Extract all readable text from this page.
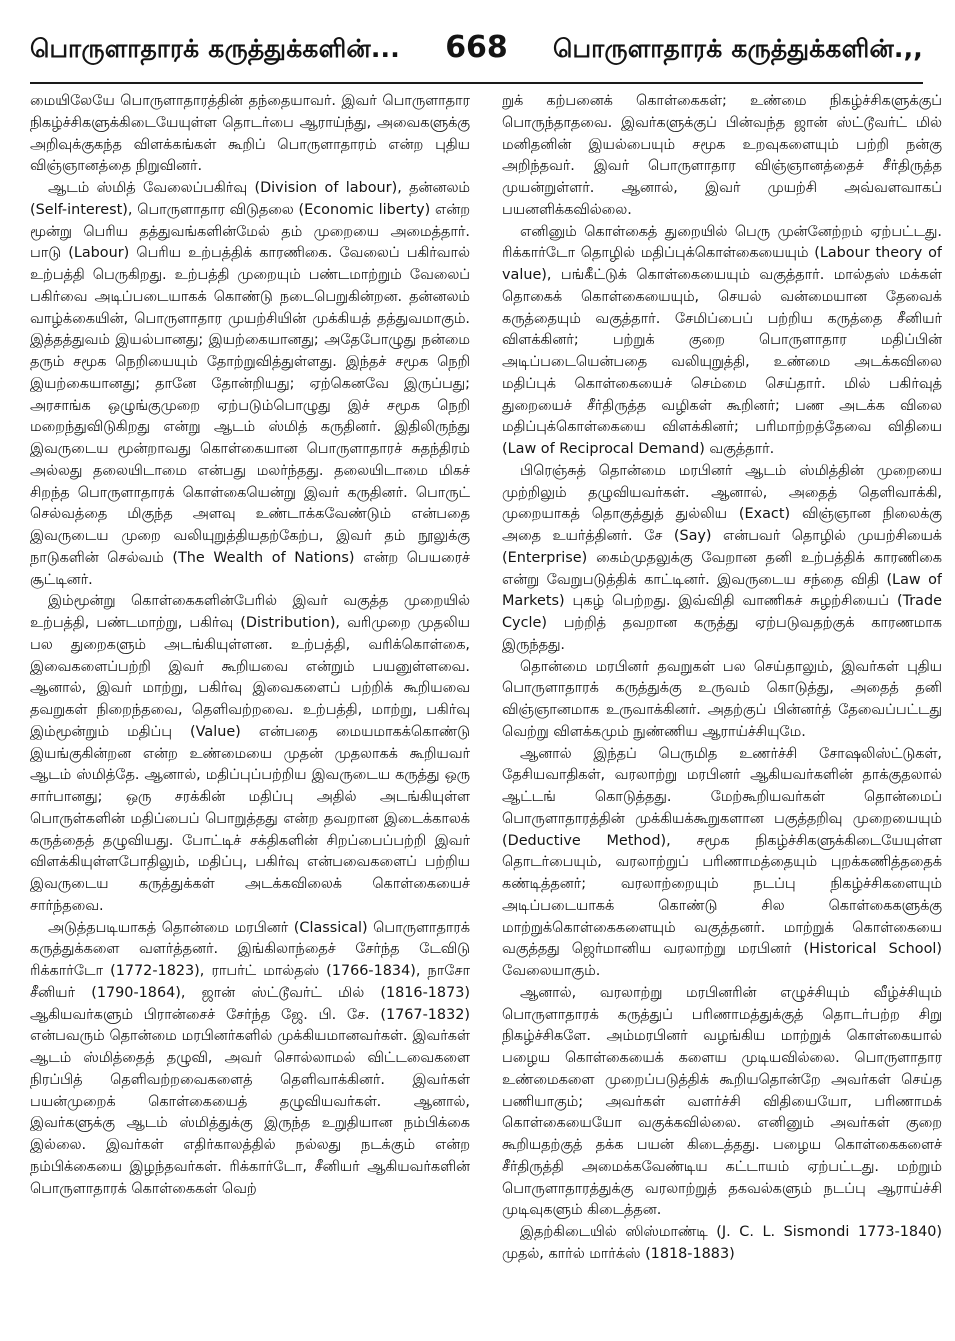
பொருளாதாரக் கருத்துக்களின்...	668	பொருளாதாரக் கருத்துக்களின்.,,

மையிலேயே பொருளாதாரத்தின் தந்தையாவர். இவர் பொருளாதார நிகழ்ச்சிகளுக்கிடையேயுள்ள தொடர்பை ஆராய்ந்து, அவைகளுக்கு அறிவுக்குகந்த விளக்கங்கள் கூறிப் பொருளாதாரம் என்ற புதிய விஞ்ஞானத்தை நிறுவினர்.

ஆடம் ஸ்மித் வேலைப்பகிர்வு (Division of labour), தன்னலம் (Self-interest), பொருளாதார விடுதலை (Economic liberty) என்ற மூன்று பெரிய தத்துவங்களின்மேல் தம் முறையை அமைத்தார். பாடு (Labour) பெரிய உற்பத்திக் காரணிகை. வேலைப் பகிர்வால் உற்பத்தி பெருகிறது. உற்பத்தி முறையும் பண்டமாற்றும் வேலைப் பகிர்வை அடிப்படையாகக் கொண்டு நடைபெறுகின்றன. தன்னலம் வாழ்க்கையின், பொருளாதார முயற்சியின் முக்கியத் தத்துவமாகும். இத்தத்துவம் இயல்பானது; இயற்கையானது; அதேபோழுது நன்மை தரும் சமூக நெறியையும் தோற்றுவித்துள்ளது. இந்தச் சமூக நெறி இயற்கையானது; தானே தோன்றியது; ஏற்கெனவே இருப்பது; அரசாங்க ஒழுங்குமுறை ஏற்படும்பொழுது இச் சமூக நெறி மறைந்துவிடுகிறது என்று ஆடம் ஸ்மித் கருதினர். இதிலிருந்து இவருடைய மூன்றாவது கொள்கையான பொருளாதாரச் சுதந்திரம் அல்லது தலையிடாமை என்பது மலர்ந்தது. தலையிடாமை மிகச் சிறந்த பொருளாதாரக் கொள்கையென்று இவர் கருதினர். பொருட் செல்வத்தை மிகுந்த அளவு உண்டாக்கவேண்டும் என்பதை இவருடைய முறை வலியுறுத்தியதற்கேற்ப, இவர் தம் நூலுக்கு நாடுகளின் செல்வம் (The Wealth of Nations) என்ற பெயரைச் சூட்டினர்.

இம்மூன்று கொள்கைகளின்பேரில் இவர் வகுத்த முறையில் உற்பத்தி, பண்டமாற்று, பகிர்வு (Distribution), வரிமுறை முதலிய பல துறைகளும் அடங்கியுள்ளன. உற்பத்தி, வரிக்கொள்கை, இவைகளைப்பற்றி இவர் கூறியவை என்றும் பயனுள்ளவை. ஆனால், இவர் மாற்று, பகிர்வு இவைகளைப் பற்றிக் கூறியவை தவறுகள் நிறைந்தவை, தெளிவற்றவை. உற்பத்தி, மாற்று, பகிர்வு இம்மூன்றும் மதிப்பு (Value) என்பதை மையமாகக்கொண்டு இயங்குகின்றன என்ற உண்மையை முதன் முதலாகக் கூறியவர் ஆடம் ஸ்மித்தே. ஆனால், மதிப்புப்பற்றிய இவருடைய கருத்து ஒரு சார்பானது; ஒரு சரக்கின் மதிப்பு அதில் அடங்கியுள்ள பொருள்களின் மதிப்பைப் பொறுத்தது என்ற தவறான இடைக்காலக் கருத்தைத் தழுவியது. போட்டிச் சக்திகளின் சிறப்பைப்பற்றி இவர் விளக்கியுள்ளபோதிலும், மதிப்பு, பகிர்வு என்பவைகளைப் பற்றிய இவருடைய கருத்துக்கள் அடக்கவிலைக் கொள்கையைச் சார்ந்தவை.

அடுத்தபடியாகத் தொன்மை மரபினர் (Classical) பொருளாதாரக் கருத்துக்களை வளர்த்தனர். இங்கிலாந்தைச் சேர்ந்த டேவிடு ரிக்கார்டோ (1772-1823), ராபர்ட் மால்தஸ் (1766-1834), நாசோ சீனியர் (1790-1864), ஜான் ஸ்ட்டூவர்ட் மில் (1816-1873) ஆகியவர்களும் பிரான்சைச் சேர்ந்த ஜே. பி. சே. (1767-1832) என்பவரும் தொன்மை மரபினர்களில் முக்கியமானவர்கள். இவர்கள் ஆடம் ஸ்மித்தைத் தழுவி, அவர் சொல்லாமல் விட்டவைகளை நிரப்பித் தெளிவற்றவைகளைத் தெளிவாக்கினர். இவர்கள் பயன்முறைக் கொள்கையைத் தழுவியவர்கள். ஆனால், இவர்களுக்கு ஆடம் ஸ்மித்துக்கு இருந்த உறுதியான நம்பிக்கை இல்லை. இவர்கள் எதிர்காலத்தில் நல்லது நடக்கும் என்ற நம்பிக்கையை இழந்தவர்கள். ரிக்கார்டோ, சீனியர் ஆகியவர்களின் பொருளாதாரக் கொள்கைகள் வெற்

றுக் கற்பனைக் கொள்கைகள்; உண்மை நிகழ்ச்சிகளுக்குப் பொருந்தாதவை. இவர்களுக்குப் பின்வந்த ஜான் ஸ்ட்டூவர்ட் மில் மனிதனின் இயல்பையும் சமூக உறவுகளையும் பற்றி நன்கு அறிந்தவர். இவர் பொருளாதார விஞ்ஞானத்தைச் சீர்திருத்த முயன்றுள்ளர். ஆனால், இவர் முயற்சி அவ்வளவாகப் பயனளிக்கவில்லை.

எனினும் கொள்கைத் துறையில் பெரு முன்னேற்றம் ஏற்பட்டது. ரிக்கார்டோ தொழில் மதிப்புக்கொள்கையையும் (Labour theory of value), பங்கீட்டுக் கொள்கையையும் வகுத்தார். மால்தஸ் மக்கள் தொகைக் கொள்கையையும், செயல் வன்மையான தேவைக் கருத்தையும் வகுத்தார். சேமிப்பைப் பற்றிய கருத்தை சீனியர் விளக்கினர்; பற்றுக் குறை பொருளாதார மதிப்பின் அடிப்படையென்பதை வலியுறுத்தி, உண்மை அடக்கவிலை மதிப்புக் கொள்கையைச் செம்மை செய்தார். மில் பகிர்வுத் துறையைச் சீர்திருத்த வழிகள் கூறினர்; பண அடக்க விலை மதிப்புக்கொள்கையை விளக்கினர்; பரிமாற்றத்தேவை விதியை (Law of Reciprocal Demand) வகுத்தார்.

பிரெஞ்சுத் தொன்மை மரபினர் ஆடம் ஸ்மித்தின் முறையை முற்றிலும் தழுவியவர்கள். ஆனால், அதைத் தெளிவாக்கி, முறையாகத் தொகுத்துத் துல்லிய (Exact) விஞ்ஞான நிலைக்கு அதை உயர்த்தினர். சே (Say) என்பவர் தொழில் முயற்சியைக் (Enterprise) கைம்முதலுக்கு வேறான தனி உற்பத்திக் காரணிகை என்று வேறுபடுத்திக் காட்டினர். இவருடைய சந்தை விதி (Law of Markets) புகழ் பெற்றது. இவ்விதி வாணிகச் சுழற்சியைப் (Trade Cycle) பற்றித் தவறான கருத்து ஏற்படுவதற்குக் காரணமாக இருந்தது.

தொன்மை மரபினர் தவறுகள் பல செய்தாலும், இவர்கள் புதிய பொருளாதாரக் கருத்துக்கு உருவம் கொடுத்து, அதைத் தனி விஞ்ஞானமாக உருவாக்கினர். அதற்குப் பின்னர்த் தேவைப்பட்டது வெற்று விளக்கமும் நுண்ணிய ஆராய்ச்சியுமே.

ஆனால் இந்தப் பெருமித உணர்ச்சி சோஷலிஸ்ட்டுகள், தேசியவாதிகள், வரலாற்று மரபினர் ஆகியவர்களின் தாக்குதலால் ஆட்டங் கொடுத்தது. மேற்கூறியவர்கள் தொன்மைப் பொருளாதாரத்தின் முக்கியக்கூறுகளான பகுத்தறிவு முறையையும் (Deductive Method), சமூக நிகழ்ச்சிகளுக்கிடையேயுள்ள தொடர்பையும், வரலாற்றுப் பரிணாமத்தையும் புறக்கணித்ததைக் கண்டித்தனர்; வரலாற்றையும் நடப்பு நிகழ்ச்சிகளையும் அடிப்படையாகக் கொண்டு சில கொள்கைகளுக்கு மாற்றுக்கொள்கைகளையும் வகுத்தனர். மாற்றுக் கொள்கையை வகுத்தது ஜெர்மானிய வரலாற்று மரபினர் (Historical School) வேலையாகும்.

ஆனால், வரலாற்று மரபினரின் எழுச்சியும் வீழ்ச்சியும் பொருளாதாரக் கருத்துப் பரிணாமத்துக்குத் தொடர்பற்ற சிறு நிகழ்ச்சிகளே. அம்மரபினர் வழங்கிய மாற்றுக் கொள்கையால் பழைய கொள்கையைக் களைய முடியவில்லை. பொருளாதார உண்மைகளை முறைப்படுத்திக் கூறியதொன்றே அவர்கள் செய்த பணியாகும்; அவர்கள் வளர்ச்சி விதியையோ, பரிணாமக் கொள்கையையோ வகுக்கவில்லை. எனினும் அவர்கள் குறை கூறியதற்குத் தக்க பயன் கிடைத்தது. பழைய கொள்கைகளைச் சீர்திருத்தி அமைக்கவேண்டிய கட்டாயம் ஏற்பட்டது. மற்றும் பொருளாதாரத்துக்கு வரலாற்றுத் தகவல்களும் நடப்பு ஆராய்ச்சி முடிவுகளும் கிடைத்தன.

இதற்கிடையில் ஸிஸ்மாண்டி (J. C. L. Sismondi 1773-1840) முதல், கார்ல் மார்க்ஸ் (1818-1883)
